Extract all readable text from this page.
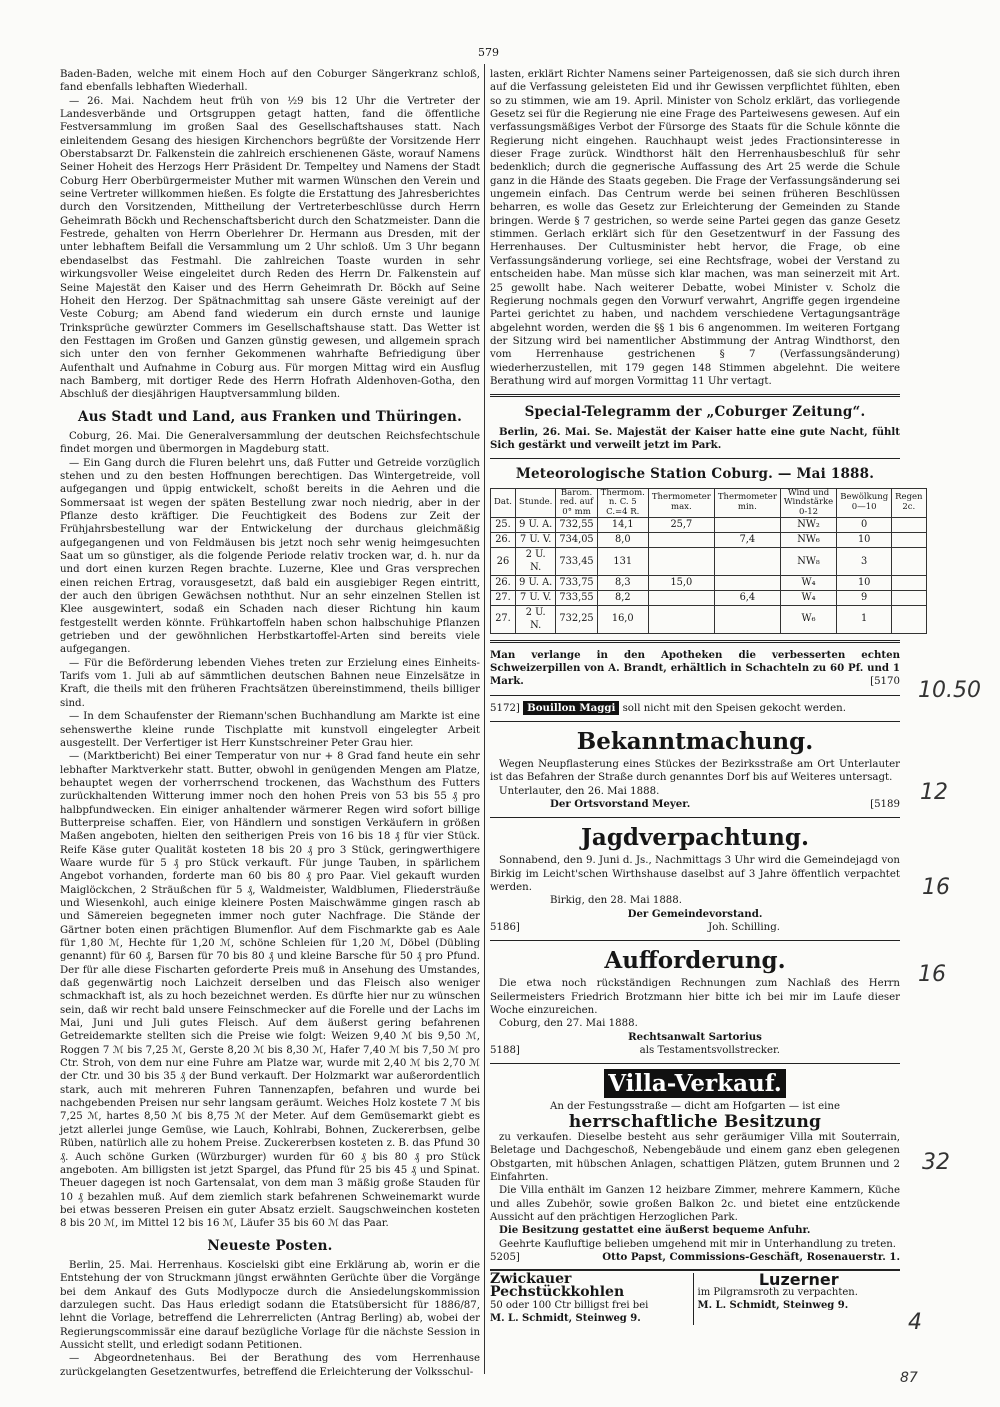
579

Baden-Baden, welche mit einem Hoch auf den Coburger Sängerkranz schloß, fand ebenfalls lebhaften Wiederhall.

— 26. Mai. Nachdem heut früh von ½9 bis 12 Uhr die Vertreter der Landesverbände und Ortsgruppen getagt hatten, fand die öffentliche Festversammlung im großen Saal des Gesellschaftshauses statt. Nach einleitendem Gesang des hiesigen Kirchenchors begrüßte der Vorsitzende Herr Oberstabsarzt Dr. Falkenstein die zahlreich erschienenen Gäste, worauf Namens Seiner Hoheit des Herzogs Herr Präsident Dr. Tempeltey und Namens der Stadt Coburg Herr Oberbürgermeister Muther mit warmen Wünschen den Verein und seine Vertreter willkommen hießen. Es folgte die Erstattung des Jahresberichtes durch den Vorsitzenden, Mittheilung der Vertreterbeschlüsse durch Herrn Geheimrath Böckh und Rechenschaftsbericht durch den Schatzmeister. Dann die Festrede, gehalten von Herrn Oberlehrer Dr. Hermann aus Dresden, mit der unter lebhaftem Beifall die Versammlung um 2 Uhr schloß. Um 3 Uhr begann ebendaselbst das Festmahl. Die zahlreichen Toaste wurden in sehr wirkungsvoller Weise eingeleitet durch Reden des Herrn Dr. Falkenstein auf Seine Majestät den Kaiser und des Herrn Geheimrath Dr. Böckh auf Seine Hoheit den Herzog. Der Spätnachmittag sah unsere Gäste vereinigt auf der Veste Coburg; am Abend fand wiederum ein durch ernste und launige Trinksprüche gewürzter Commers im Gesellschaftshause statt. Das Wetter ist den Festtagen im Großen und Ganzen günstig gewesen, und allgemein sprach sich unter den von fernher Gekommenen wahrhafte Befriedigung über Aufenthalt und Aufnahme in Coburg aus. Für morgen Mittag wird ein Ausflug nach Bamberg, mit dortiger Rede des Herrn Hofrath Aldenhoven-Gotha, den Abschluß der diesjährigen Hauptversammlung bilden.

Aus Stadt und Land, aus Franken und Thüringen.

Coburg, 26. Mai. Die Generalversammlung der deutschen Reichsfechtschule findet morgen und übermorgen in Magdeburg statt.

— Ein Gang durch die Fluren belehrt uns, daß Futter und Getreide vorzüglich stehen und zu den besten Hoffnungen berechtigen. Das Wintergetreide, voll aufgegangen und üppig entwickelt, schoßt bereits in die Aehren und die Sommersaat ist wegen der späten Bestellung zwar noch niedrig, aber in der Pflanze desto kräftiger. Die Feuchtigkeit des Bodens zur Zeit der Frühjahrsbestellung war der Entwickelung der durchaus gleichmäßig aufgegangenen und von Feldmäusen bis jetzt noch sehr wenig heimgesuchten Saat um so günstiger, als die folgende Periode relativ trocken war, d. h. nur da und dort einen kurzen Regen brachte. Luzerne, Klee und Gras versprechen einen reichen Ertrag, vorausgesetzt, daß bald ein ausgiebiger Regen eintritt, der auch den übrigen Gewächsen noththut. Nur an sehr einzelnen Stellen ist Klee ausgewintert, sodaß ein Schaden nach dieser Richtung hin kaum festgestellt werden könnte. Frühkartoffeln haben schon halbschuhige Pflanzen getrieben und der gewöhnlichen Herbstkartoffel-Arten sind bereits viele aufgegangen.

— Für die Beförderung lebenden Viehes treten zur Erzielung eines Einheits-Tarifs vom 1. Juli ab auf sämmtlichen deutschen Bahnen neue Einzelsätze in Kraft, die theils mit den früheren Frachtsätzen übereinstimmend, theils billiger sind.

— In dem Schaufenster der Riemann'schen Buchhandlung am Markte ist eine sehenswerthe kleine runde Tischplatte mit kunstvoll eingelegter Arbeit ausgestellt. Der Verfertiger ist Herr Kunstschreiner Peter Grau hier.

— (Marktbericht) Bei einer Temperatur von nur + 8 Grad fand heute ein sehr lebhafter Marktverkehr statt. Butter, obwohl in genügenden Mengen am Platze, behauptet wegen der vorherrschend trockenen, das Wachsthum des Futters zurückhaltenden Witterung immer noch den hohen Preis von 53 bis 55 ₰ pro halbpfundwecken. Ein einiger anhaltender wärmerer Regen wird sofort billige Butterpreise schaffen. Eier, von Händlern und sonstigen Verkäufern in größen Maßen angeboten, hielten den seitherigen Preis von 16 bis 18 ₰ für vier Stück. Reife Käse guter Qualität kosteten 18 bis 20 ₰ pro 3 Stück, geringwerthigere Waare wurde für 5 ₰ pro Stück verkauft. Für junge Tauben, in spärlichem Angebot vorhanden, forderte man 60 bis 80 ₰ pro Paar. Viel gekauft wurden Maiglöckchen, 2 Sträußchen für 5 ₰, Waldmeister, Waldblumen, Fliedersträuße und Wiesenkohl, auch einige kleinere Posten Maischwämme gingen rasch ab und Sämereien begegneten immer noch guter Nachfrage. Die Stände der Gärtner boten einen prächtigen Blumenflor. Auf dem Fischmarkte gab es Aale für 1,80 ℳ, Hechte für 1,20 ℳ, schöne Schleien für 1,20 ℳ, Döbel (Dübling genannt) für 60 ₰, Barsen für 70 bis 80 ₰ und kleine Barsche für 50 ₰ pro Pfund. Der für alle diese Fischarten geforderte Preis muß in Ansehung des Umstandes, daß gegenwärtig noch Laichzeit derselben und das Fleisch also weniger schmackhaft ist, als zu hoch bezeichnet werden. Es dürfte hier nur zu wünschen sein, daß wir recht bald unsere Feinschmecker auf die Forelle und der Lachs im Mai, Juni und Juli gutes Fleisch. Auf dem äußerst gering befahrenen Getreidemarkte stellten sich die Preise wie folgt: Weizen 9,40 ℳ bis 9,50 ℳ, Roggen 7 ℳ bis 7,25 ℳ, Gerste 8,20 ℳ bis 8,30 ℳ, Hafer 7,40 ℳ bis 7,50 ℳ pro Ctr. Stroh, von dem nur eine Fuhre am Platze war, wurde mit 2,40 ℳ bis 2,70 ℳ der Ctr. und 30 bis 35 ₰ der Bund verkauft. Der Holzmarkt war außerordentlich stark, auch mit mehreren Fuhren Tannenzapfen, befahren und wurde bei nachgebenden Preisen nur sehr langsam geräumt. Weiches Holz kostete 7 ℳ bis 7,25 ℳ, hartes 8,50 ℳ bis 8,75 ℳ der Meter. Auf dem Gemüsemarkt giebt es jetzt allerlei junge Gemüse, wie Lauch, Kohlrabi, Bohnen, Zuckererbsen, gelbe Rüben, natürlich alle zu hohem Preise. Zuckererbsen kosteten z. B. das Pfund 30 ₰. Auch schöne Gurken (Würzburger) wurden für 60 ₰ bis 80 ₰ pro Stück angeboten. Am billigsten ist jetzt Spargel, das Pfund für 25 bis 45 ₰ und Spinat. Theuer dagegen ist noch Gartensalat, von dem man 3 mäßig große Stauden für 10 ₰ bezahlen muß. Auf dem ziemlich stark befahrenen Schweinemarkt wurde bei etwas besseren Preisen ein guter Absatz erzielt. Saugschweinchen kosteten 8 bis 20 ℳ, im Mittel 12 bis 16 ℳ, Läufer 35 bis 60 ℳ das Paar.

Neueste Posten.

Berlin, 25. Mai. Herrenhaus. Koscielski gibt eine Erklärung ab, worin er die Entstehung der von Struckmann jüngst erwähnten Gerüchte über die Vorgänge bei dem Ankauf des Guts Modlypocze durch die Ansiedelungskommission darzulegen sucht. Das Haus erledigt sodann die Etatsübersicht für 1886/87, lehnt die Vorlage, betreffend die Lehrerrelicten (Antrag Berling) ab, wobei der Regierungscommissär eine darauf bezügliche Vorlage für die nächste Session in Aussicht stellt, und erledigt sodann Petitionen.

— Abgeordnetenhaus. Bei der Berathung des vom Herrenhause zurückgelangten Gesetzentwurfes, betreffend die Erleichterung der Volksschul-

lasten, erklärt Richter Namens seiner Parteigenossen, daß sie sich durch ihren auf die Verfassung geleisteten Eid und ihr Gewissen verpflichtet fühlten, eben so zu stimmen, wie am 19. April. Minister von Scholz erklärt, das vorliegende Gesetz sei für die Regierung nie eine Frage des Parteiwesens gewesen. Auf ein verfassungsmäßiges Verbot der Fürsorge des Staats für die Schule könnte die Regierung nicht eingehen. Rauchhaupt weist jedes Fractionsinteresse in dieser Frage zurück. Windthorst hält den Herrenhausbeschluß für sehr bedenklich; durch die gegnerische Auffassung des Art 25 werde die Schule ganz in die Hände des Staats gegeben. Die Frage der Verfassungsänderung sei ungemein einfach. Das Centrum werde bei seinen früheren Beschlüssen beharren, es wolle das Gesetz zur Erleichterung der Gemeinden zu Stande bringen. Werde § 7 gestrichen, so werde seine Partei gegen das ganze Gesetz stimmen. Gerlach erklärt sich für den Gesetzentwurf in der Fassung des Herrenhauses. Der Cultusminister hebt hervor, die Frage, ob eine Verfassungsänderung vorliege, sei eine Rechtsfrage, wobei der Verstand zu entscheiden habe. Man müsse sich klar machen, was man seinerzeit mit Art. 25 gewollt habe. Nach weiterer Debatte, wobei Minister v. Scholz die Regierung nochmals gegen den Vorwurf verwahrt, Angriffe gegen irgendeine Partei gerichtet zu haben, und nachdem verschiedene Vertagungsanträge abgelehnt worden, werden die §§ 1 bis 6 angenommen. Im weiteren Fortgang der Sitzung wird bei namentlicher Abstimmung der Antrag Windthorst, den vom Herrenhause gestrichenen § 7 (Verfassungsänderung) wiederherzustellen, mit 179 gegen 148 Stimmen abgelehnt. Die weitere Berathung wird auf morgen Vormittag 11 Uhr vertagt.

Special-Telegramm der „Coburger Zeitung“.

Berlin, 26. Mai. Se. Majestät der Kaiser hatte eine gute Nacht, fühlt Sich gestärkt und verweilt jetzt im Park.

Meteorologische Station Coburg. — Mai 1888.
Dat.	Stunde.	Barom. red. auf 0° mm	Thermom. n. C. 5 C.=4 R.	Thermometer max.	Thermometer min.	Wind und Windstärke 0-12	Bewölkung 0—10	Regen 2c.
25.	9 U. A.	732,55	14,1	25,7		NW₂	0	
26.	7 U. V.	734,05	8,0		7,4	NW₆	10	
26	2 U. N.	733,45	131			NW₈	3	
26.	9 U. A.	733,75	8,3	15,0		W₄	10	
27.	7 U. V.	733,55	8,2		6,4	W₄	9	
27.	2 U. N.	732,25	16,0			W₆	1	
Man verlange in den Apotheken die verbesserten echten Schweizerpillen von A. Brandt, erhältlich in Schachteln zu 60 Pf. und 1 Mark.	[5170
5172] Bouillon Maggi soll nicht mit den Speisen gekocht werden.
Bekanntmachung.

Wegen Neupflasterung eines Stückes der Bezirksstraße am Ort Unterlauter ist das Befahren der Straße durch genanntes Dorf bis auf Weiteres untersagt.

Unterlauter, den 26. Mai 1888.

Der Ortsvorstand Meyer.	[5189
Jagdverpachtung.

Sonnabend, den 9. Juni d. Js., Nachmittags 3 Uhr wird die Gemeindejagd von Birkig im Leicht'schen Wirthshause daselbst auf 3 Jahre öffentlich verpachtet werden.

Birkig, den 28. Mai 1888.

Der Gemeindevorstand.
5186]	Joh. Schilling.
Aufforderung.

Die etwa noch rückständigen Rechnungen zum Nachlaß des Herrn Seilermeisters Friedrich Brotzmann hier bitte ich bei mir im Laufe dieser Woche einzureichen.

Coburg, den 27. Mai 1888.

Rechtsanwalt Sartorius
5188]	als Testamentsvollstrecker.
Villa-Verkauf.
An der Festungsstraße — dicht am Hofgarten — ist eine
herrschaftliche Besitzung

zu verkaufen. Dieselbe besteht aus sehr geräumiger Villa mit Souterrain, Beletage und Dachgeschoß, Nebengebäude und einem ganz eben gelegenen Obstgarten, mit hübschen Anlagen, schattigen Plätzen, gutem Brunnen und 2 Einfahrten.

Die Villa enthält im Ganzen 12 heizbare Zimmer, mehrere Kammern, Küche und alles Zubehör, sowie großen Balkon 2c. und bietet eine entzückende Aussicht auf den prächtigen Herzoglichen Park.

Die Besitzung gestattet eine äußerst bequeme Anfuhr.

Geehrte Kaufluftige belieben umgehend mit mir in Unterhandlung zu treten.

5205]	Otto Papst, Commissions-Geschäft, Rosenauerstr. 1.
Zwickauer Pechstückkohlen
50 oder 100 Ctr billigst frei bei
M. L. Schmidt, Steinweg 9.
Luzerner
im Pilgramsroth zu verpachten.
M. L. Schmidt, Steinweg 9.
10.50
12
16
16
32
4
87
